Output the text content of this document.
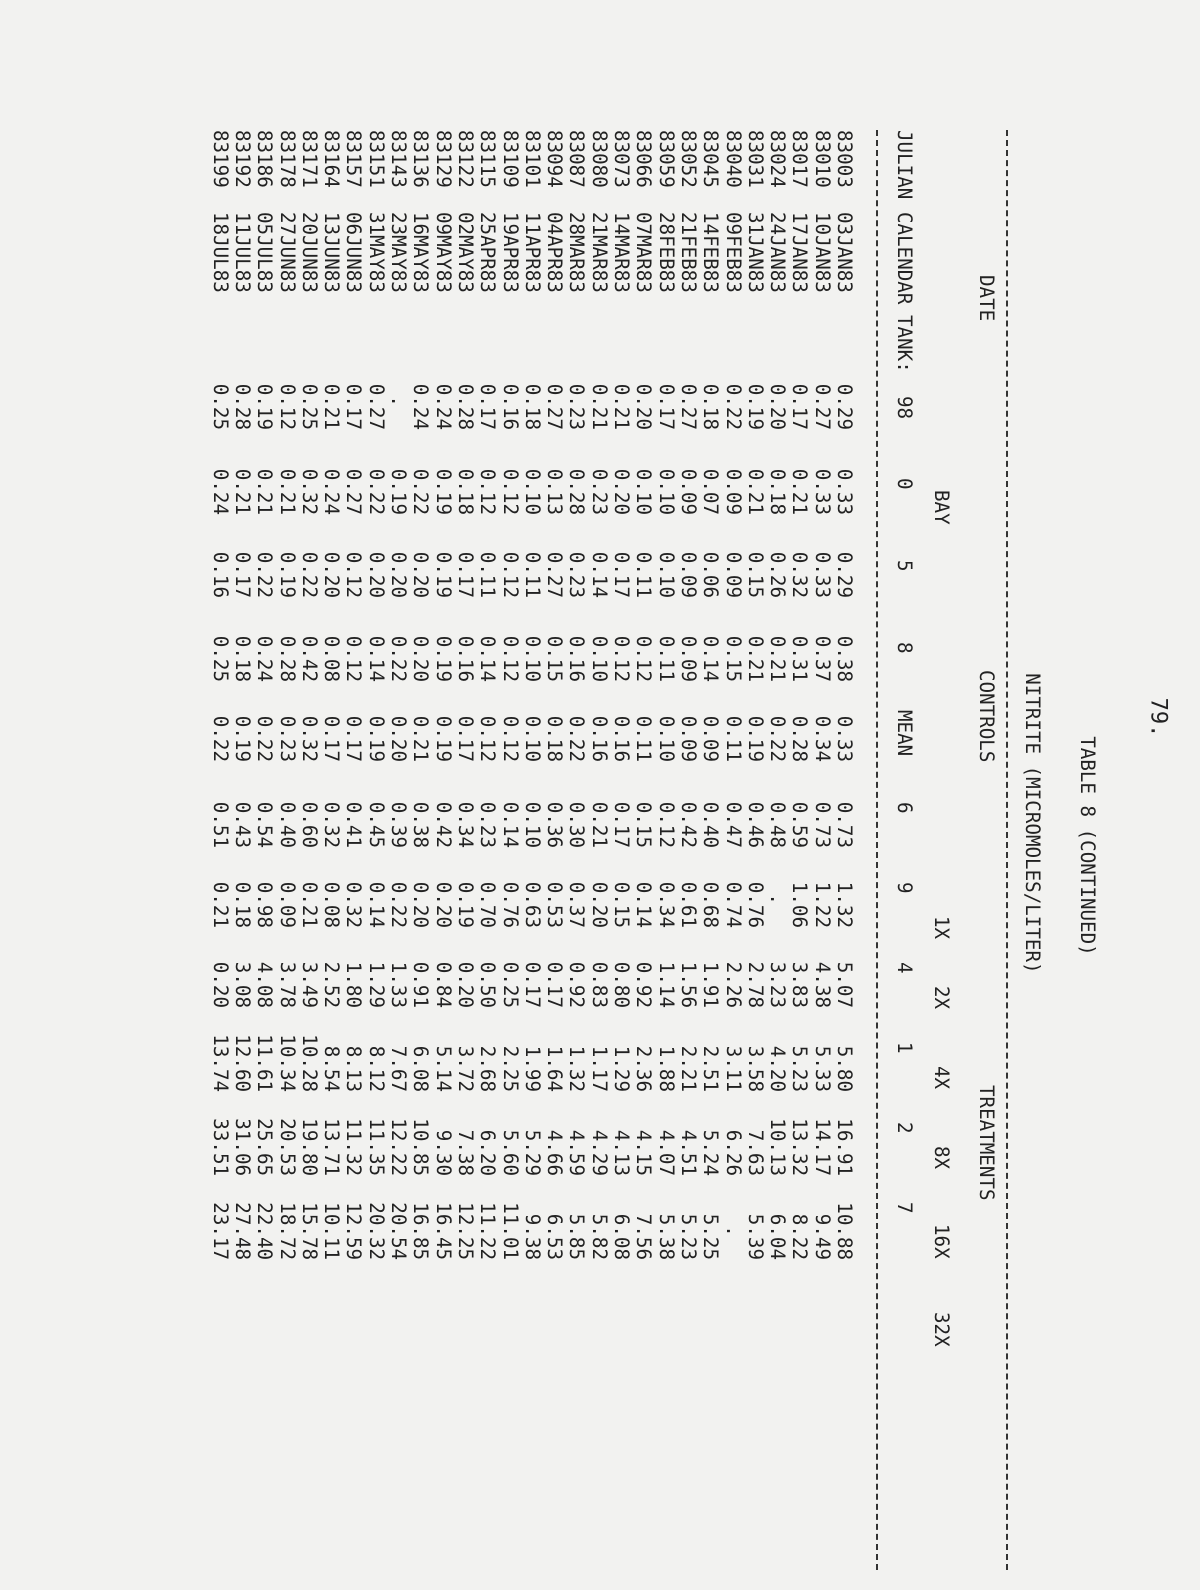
79.

TABLE 8 (CONTINUED)

NITRITE (MICROMOLES/LITER)

DATE

CONTROLS

TREATMENTS

BAY

1X

2X

4X

8X

16X

32X

JULIAN

CALENDAR

TANK:

98

0

5

8

MEAN

6

9

4

1

2

7

83003
03JAN83
0.29
0.33
0.29
0.38
0.33
0.73
1.32
5.07
5.80
16.91
10.88
83010
10JAN83
0.27
0.33
0.33
0.37
0.34
0.73
1.22
4.38
5.33
14.17
9.49
83017
17JAN83
0.17
0.21
0.32
0.31
0.28
0.59
1.06
3.83
5.23
13.32
8.22
83024
24JAN83
0.20
0.18
0.26
0.21
0.22
0.48
.
3.23
4.20
10.13
6.04
83031
31JAN83
0.19
0.21
0.15
0.21
0.19
0.46
0.76
2.78
3.58
7.63
5.39
83040
09FEB83
0.22
0.09
0.09
0.15
0.11
0.47
0.74
2.26
3.11
6.26
.
83045
14FEB83
0.18
0.07
0.06
0.14
0.09
0.40
0.68
1.91
2.51
5.24
5.25
83052
21FEB83
0.27
0.09
0.09
0.09
0.09
0.42
0.61
1.56
2.21
4.51
5.23
83059
28FEB83
0.17
0.10
0.10
0.11
0.10
0.12
0.34
1.14
1.88
4.07
5.38
83066
07MAR83
0.20
0.10
0.11
0.12
0.11
0.15
0.14
0.92
2.36
4.15
7.56
83073
14MAR83
0.21
0.20
0.17
0.12
0.16
0.17
0.15
0.80
1.29
4.13
6.08
83080
21MAR83
0.21
0.23
0.14
0.10
0.16
0.21
0.20
0.83
1.17
4.29
5.82
83087
28MAR83
0.23
0.28
0.23
0.16
0.22
0.30
0.37
0.92
1.32
4.59
5.85
83094
04APR83
0.27
0.13
0.27
0.15
0.18
0.36
0.53
0.17
1.64
4.66
6.53
83101
11APR83
0.18
0.10
0.11
0.10
0.10
0.10
0.63
0.17
1.99
5.29
9.38
83109
19APR83
0.16
0.12
0.12
0.12
0.12
0.14
0.76
0.25
2.25
5.60
11.01
83115
25APR83
0.17
0.12
0.11
0.14
0.12
0.23
0.70
0.50
2.68
6.20
11.22
83122
02MAY83
0.28
0.18
0.17
0.16
0.17
0.34
0.19
0.20
3.72
7.38
12.25
83129
09MAY83
0.24
0.19
0.19
0.19
0.19
0.42
0.20
0.84
5.14
9.30
16.45
83136
16MAY83
0.24
0.22
0.20
0.20
0.21
0.38
0.20
0.91
6.08
10.85
16.85
83143
23MAY83
.
0.19
0.20
0.22
0.20
0.39
0.22
1.33
7.67
12.22
20.54
83151
31MAY83
0.27
0.22
0.20
0.14
0.19
0.45
0.14
1.29
8.12
11.35
20.32
83157
06JUN83
0.17
0.27
0.12
0.12
0.17
0.41
0.32
1.80
8.13
11.32
12.59
83164
13JUN83
0.21
0.24
0.20
0.08
0.17
0.32
0.08
2.52
8.54
13.71
10.11
83171
20JUN83
0.25
0.32
0.22
0.42
0.32
0.60
0.21
3.49
10.28
19.80
15.78
83178
27JUN83
0.12
0.21
0.19
0.28
0.23
0.40
0.09
3.78
10.34
20.53
18.72
83186
05JUL83
0.19
0.21
0.22
0.24
0.22
0.54
0.98
4.08
11.61
25.65
22.40
83192
11JUL83
0.28
0.21
0.17
0.18
0.19
0.43
0.18
3.08
12.60
31.06
27.48
83199
18JUL83
0.25
0.24
0.16
0.25
0.22
0.51
0.21
0.20
13.74
33.51
23.17
